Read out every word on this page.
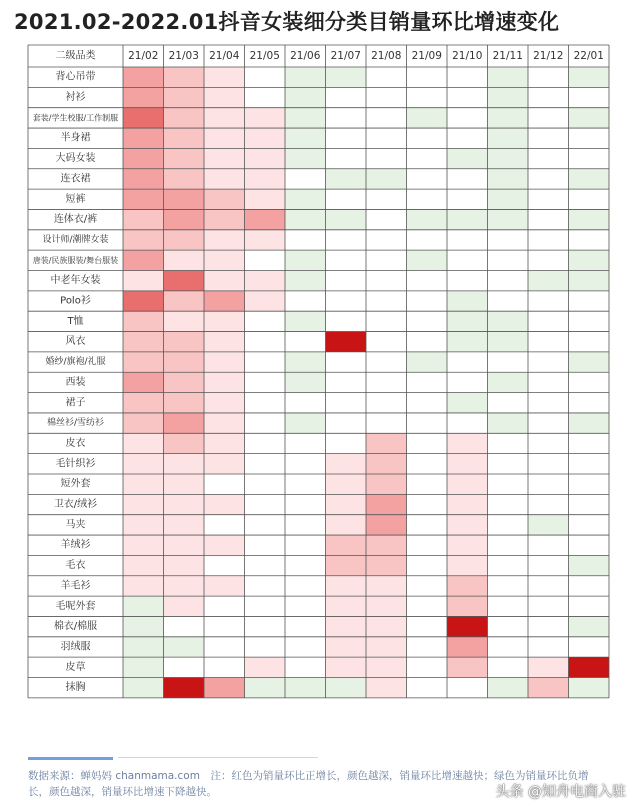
2021.02-2022.01抖音女装细分类目销量环比增速变化
二级品类	21/02 21/03 21/04 21/05 21/06 21/07 21/08 21/09 21/10 21/11 21/12 22/01
背心吊带
衬衫
套装/学生校服/工作制服
半身裙
大码女装
连衣裙
短裤
连体衣/裤
设计师/潮牌女装
唐装/民族服装/舞台服装
中老年女装
Polo衫
T恤
风衣
婚纱/旗袍/礼服
西装
裙子
棉丝衫/雪纺衫
皮衣
毛针织衫
短外套
卫衣/绒衫
马夹
羊绒衫
毛衣
羊毛衫
毛呢外套
棉衣/棉服
羽绒服
皮草
抹胸
数据来源：蝉妈妈 chanmama.com　注：红色为销量环比正增长，颜色越深，销量环比增速越快；绿色为销量环比负增长，颜色越深，销量环比增速下降越快。	头条 @知舟电商入驻
